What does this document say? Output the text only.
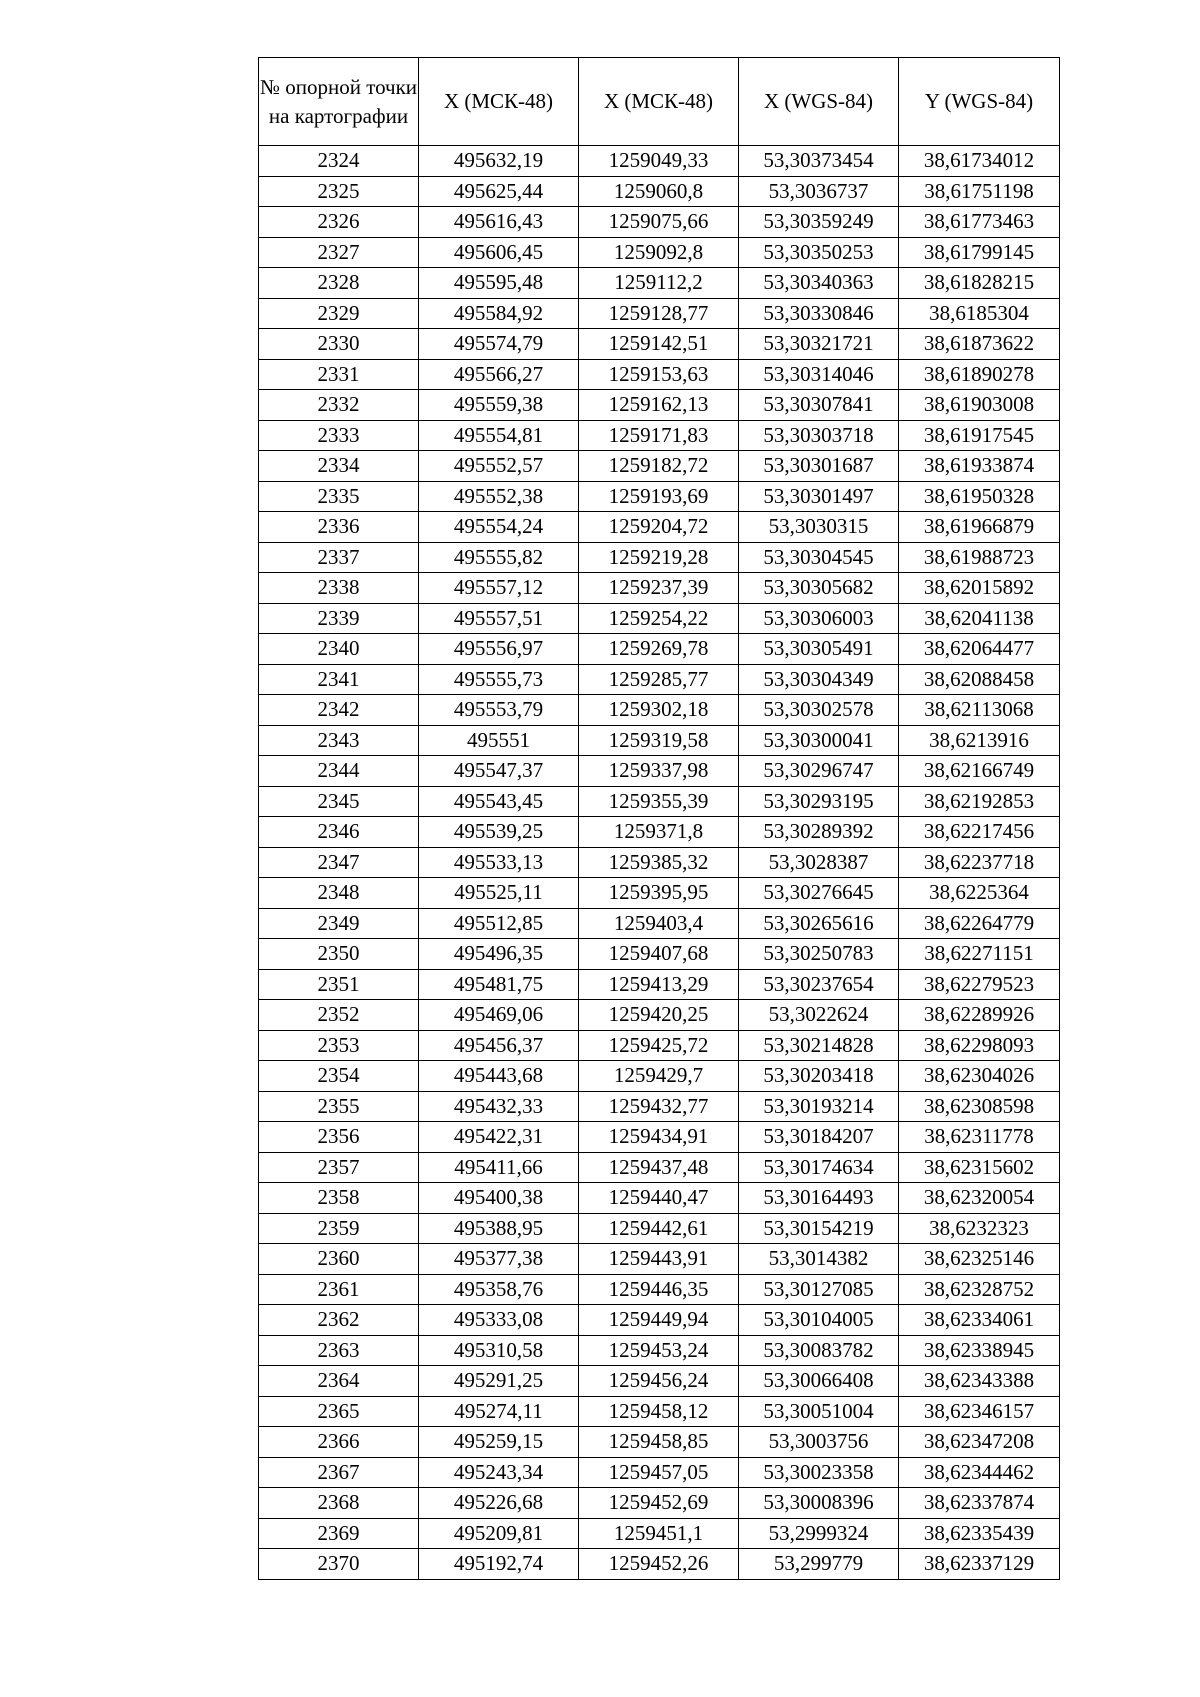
№ опорной точки на картографии	X (МСК-48)	X (МСК-48)	X (WGS-84)	Y (WGS-84)
2324	495632,19	1259049,33	53,30373454	38,61734012
2325	495625,44	1259060,8	53,3036737	38,61751198
2326	495616,43	1259075,66	53,30359249	38,61773463
2327	495606,45	1259092,8	53,30350253	38,61799145
2328	495595,48	1259112,2	53,30340363	38,61828215
2329	495584,92	1259128,77	53,30330846	38,6185304
2330	495574,79	1259142,51	53,30321721	38,61873622
2331	495566,27	1259153,63	53,30314046	38,61890278
2332	495559,38	1259162,13	53,30307841	38,61903008
2333	495554,81	1259171,83	53,30303718	38,61917545
2334	495552,57	1259182,72	53,30301687	38,61933874
2335	495552,38	1259193,69	53,30301497	38,61950328
2336	495554,24	1259204,72	53,3030315	38,61966879
2337	495555,82	1259219,28	53,30304545	38,61988723
2338	495557,12	1259237,39	53,30305682	38,62015892
2339	495557,51	1259254,22	53,30306003	38,62041138
2340	495556,97	1259269,78	53,30305491	38,62064477
2341	495555,73	1259285,77	53,30304349	38,62088458
2342	495553,79	1259302,18	53,30302578	38,62113068
2343	495551	1259319,58	53,30300041	38,6213916
2344	495547,37	1259337,98	53,30296747	38,62166749
2345	495543,45	1259355,39	53,30293195	38,62192853
2346	495539,25	1259371,8	53,30289392	38,62217456
2347	495533,13	1259385,32	53,3028387	38,62237718
2348	495525,11	1259395,95	53,30276645	38,6225364
2349	495512,85	1259403,4	53,30265616	38,62264779
2350	495496,35	1259407,68	53,30250783	38,62271151
2351	495481,75	1259413,29	53,30237654	38,62279523
2352	495469,06	1259420,25	53,3022624	38,62289926
2353	495456,37	1259425,72	53,30214828	38,62298093
2354	495443,68	1259429,7	53,30203418	38,62304026
2355	495432,33	1259432,77	53,30193214	38,62308598
2356	495422,31	1259434,91	53,30184207	38,62311778
2357	495411,66	1259437,48	53,30174634	38,62315602
2358	495400,38	1259440,47	53,30164493	38,62320054
2359	495388,95	1259442,61	53,30154219	38,6232323
2360	495377,38	1259443,91	53,3014382	38,62325146
2361	495358,76	1259446,35	53,30127085	38,62328752
2362	495333,08	1259449,94	53,30104005	38,62334061
2363	495310,58	1259453,24	53,30083782	38,62338945
2364	495291,25	1259456,24	53,30066408	38,62343388
2365	495274,11	1259458,12	53,30051004	38,62346157
2366	495259,15	1259458,85	53,3003756	38,62347208
2367	495243,34	1259457,05	53,30023358	38,62344462
2368	495226,68	1259452,69	53,30008396	38,62337874
2369	495209,81	1259451,1	53,2999324	38,62335439
2370	495192,74	1259452,26	53,299779	38,62337129
